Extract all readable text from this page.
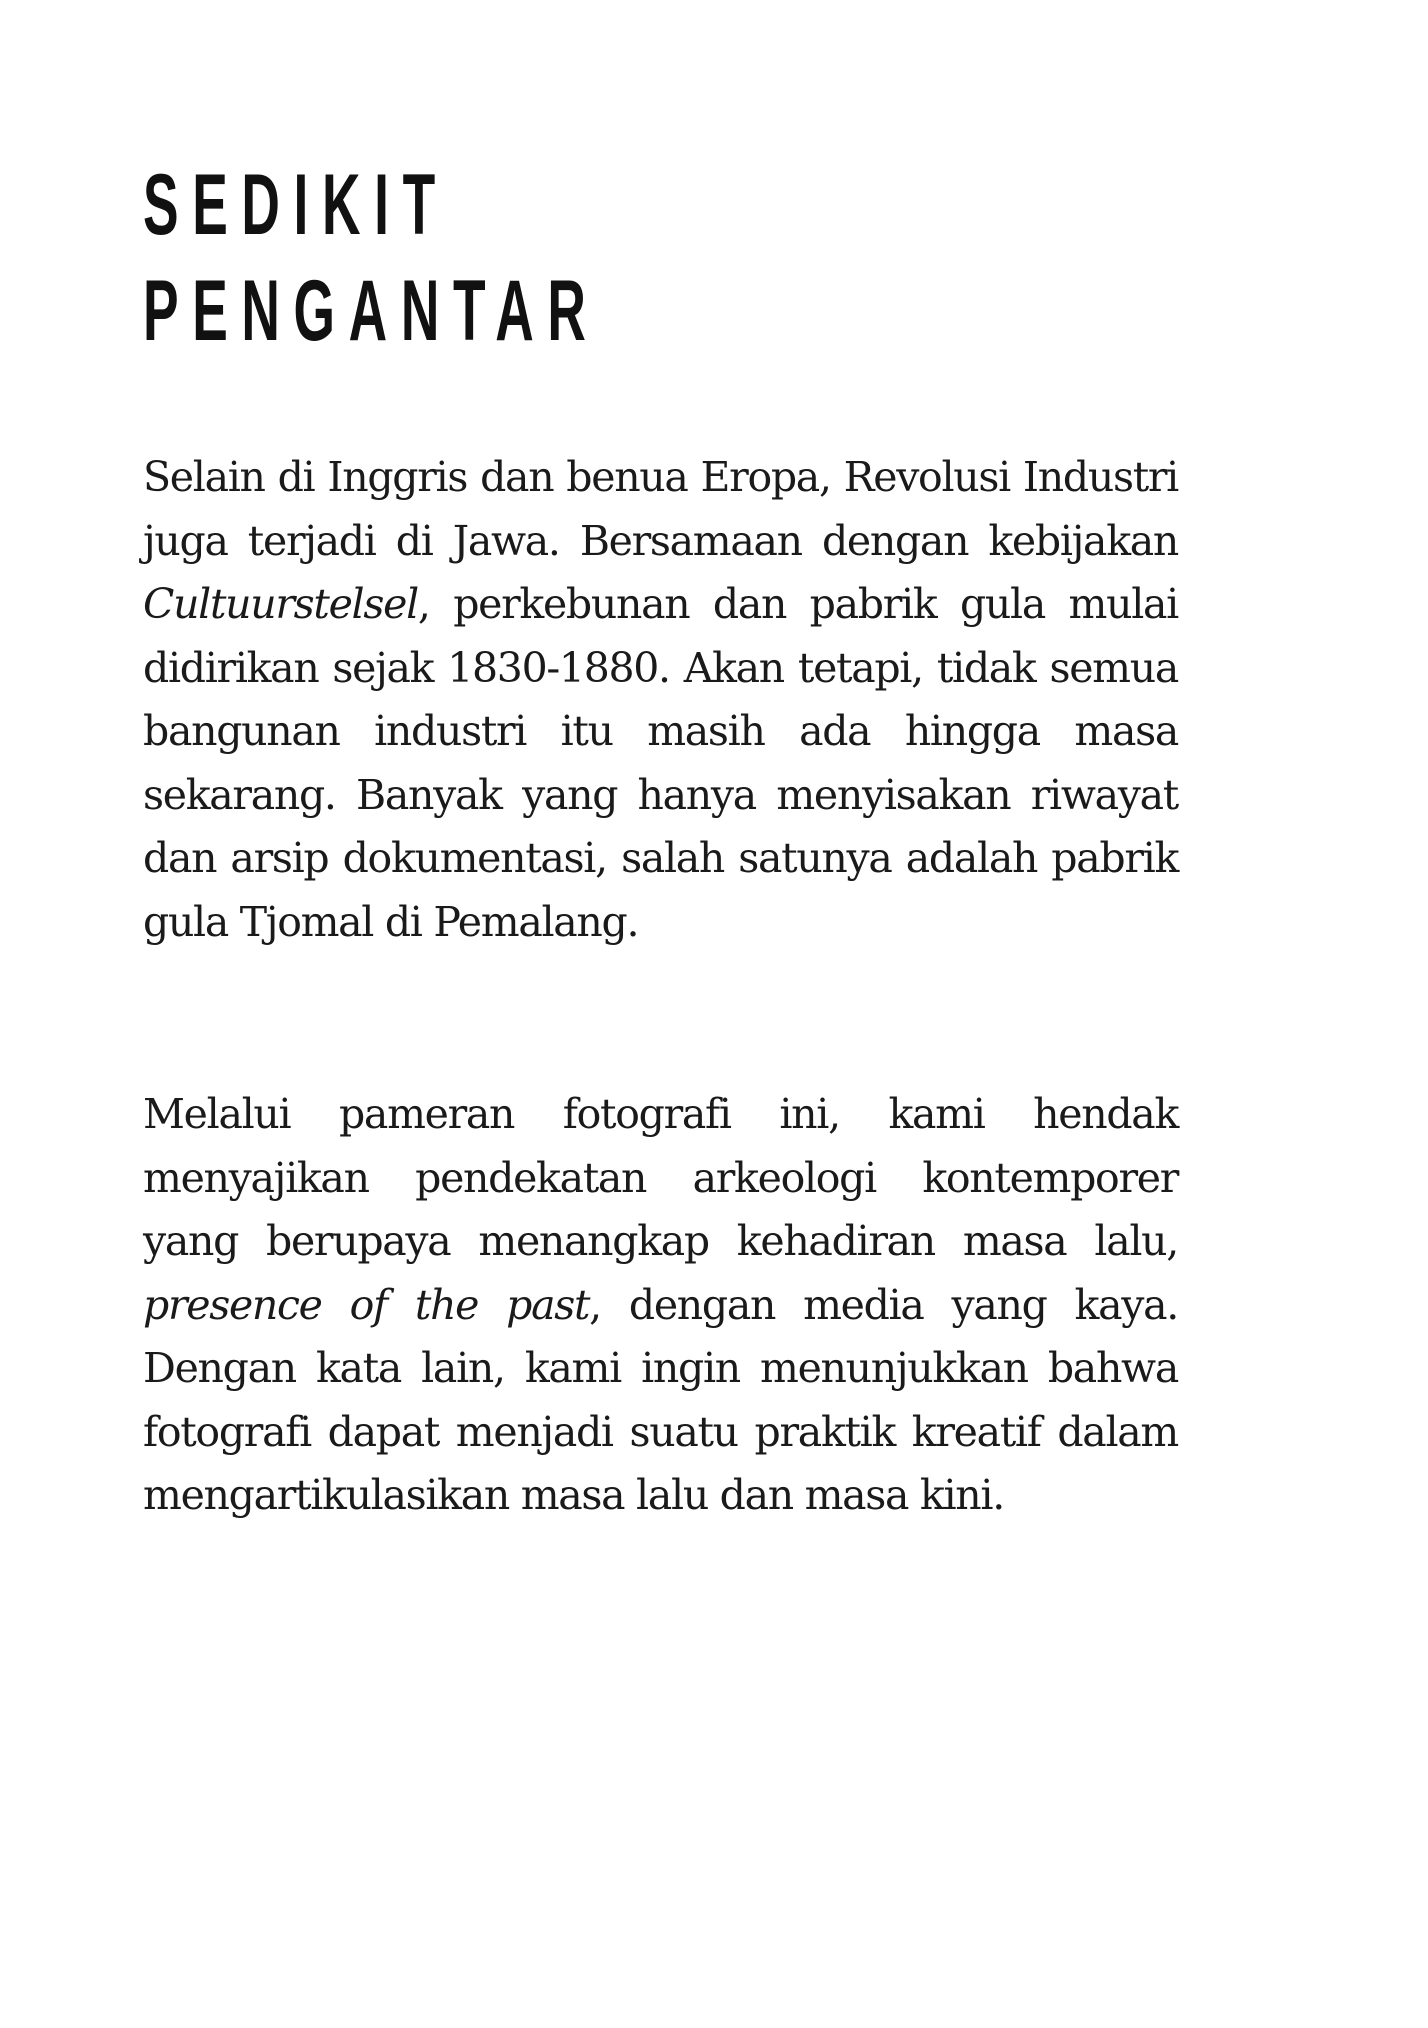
SEDIKIT
PENGANTAR

Selain di Inggris dan benua Eropa, Revolusi Industri juga terjadi di Jawa. Bersamaan dengan kebijakan Cultuurstelsel, perkebunan dan pabrik gula mulai didirikan sejak 1830-1880. Akan tetapi, tidak semua bangunan industri itu masih ada hingga masa sekarang. Banyak yang hanya menyisakan riwayat dan arsip dokumentasi, salah satunya adalah pabrik gula Tjomal di Pemalang.

Melalui pameran fotografi ini, kami hendak menyajikan pendekatan arkeologi kontemporer yang berupaya menangkap kehadiran masa lalu, presence of the past, dengan media yang kaya. Dengan kata lain, kami ingin menunjukkan bahwa fotografi dapat menjadi suatu praktik kreatif dalam mengartikulasikan masa lalu dan masa kini.
